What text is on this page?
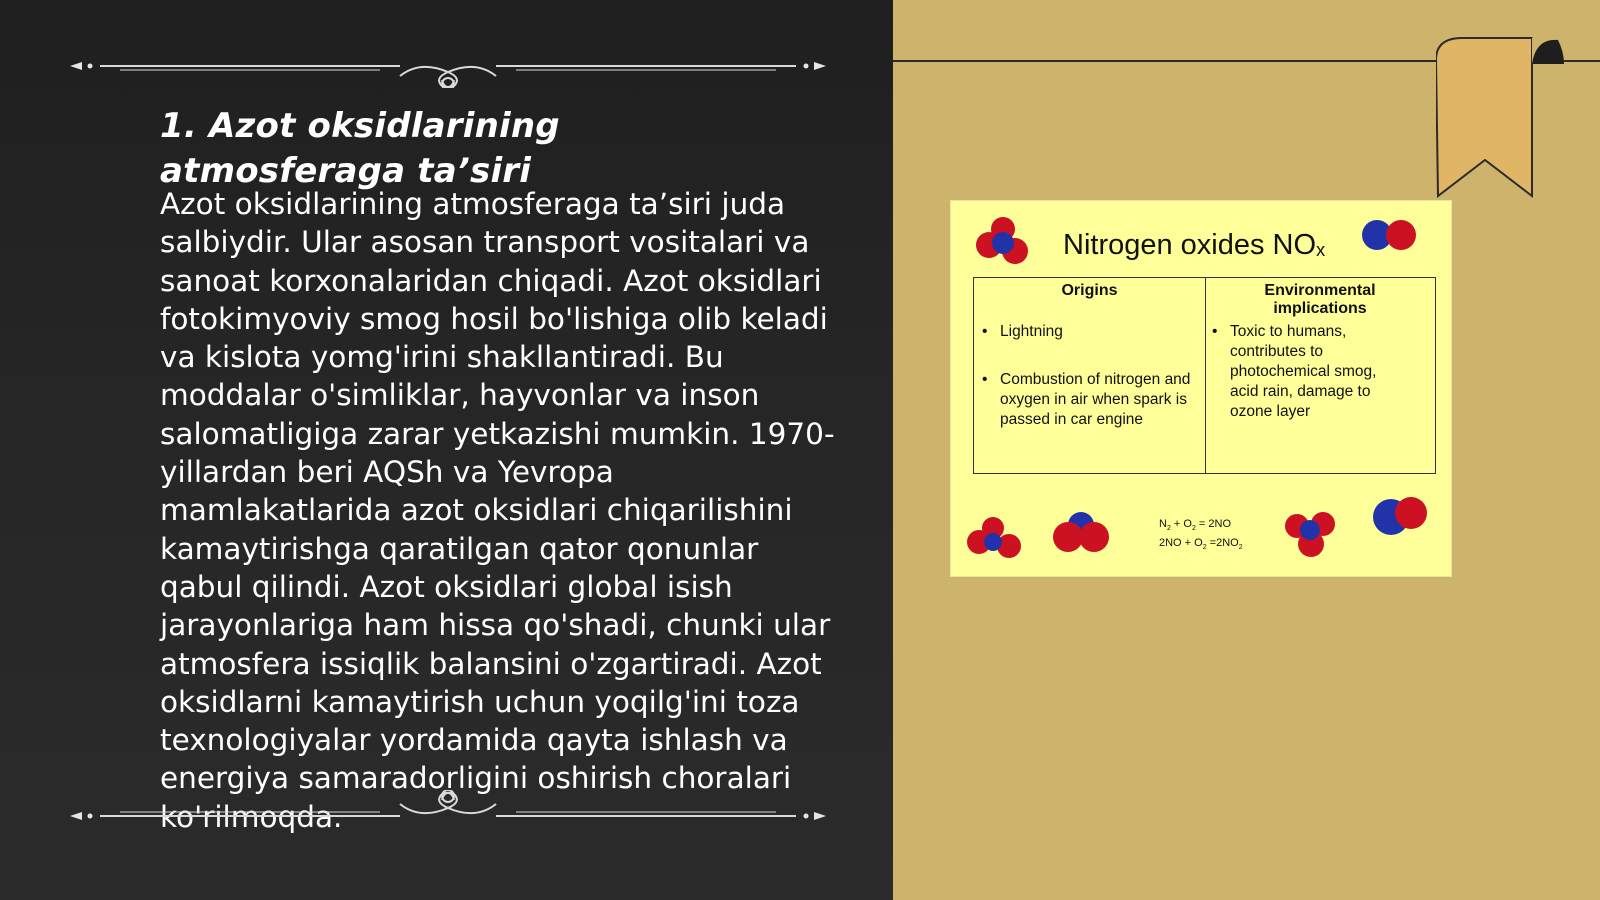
1. Azot oksidlarining atmosferaga ta’siri

Azot oksidlarining atmosferaga ta’siri juda salbiydir. Ular asosan transport vositalari va sanoat korxonalaridan chiqadi. Azot oksidlari fotokimyoviy smog hosil bo'lishiga olib keladi va kislota yomg'irini shakllantiradi. Bu moddalar o'simliklar, hayvonlar va inson salomatligiga zarar yetkazishi mumkin. 1970-yillardan beri AQSh va Yevropa mamlakatlarida azot oksidlari chiqarilishini kamaytirishga qaratilgan qator qonunlar qabul qilindi. Azot oksidlari global isish jarayonlariga ham hissa qo'shadi, chunki ular atmosfera issiqlik balansini o'zgartiradi. Azot oksidlarni kamaytirish uchun yoqilg'ini toza texnologiyalar yordamida qayta ishlash va energiya samaradorligini oshirish choralari ko'rilmoqda.

Nitrogen oxides $NO_x$
Origins
• Lightning
• Combustion of nitrogen and oxygen in air when spark is passed in car engine
Environmental implications
• Toxic to humans, contributes to photochemical smog, acid rain, damage to ozone layer
$N_2 + O_2 = 2NO$
$2NO + O_2 =2NO_2$
